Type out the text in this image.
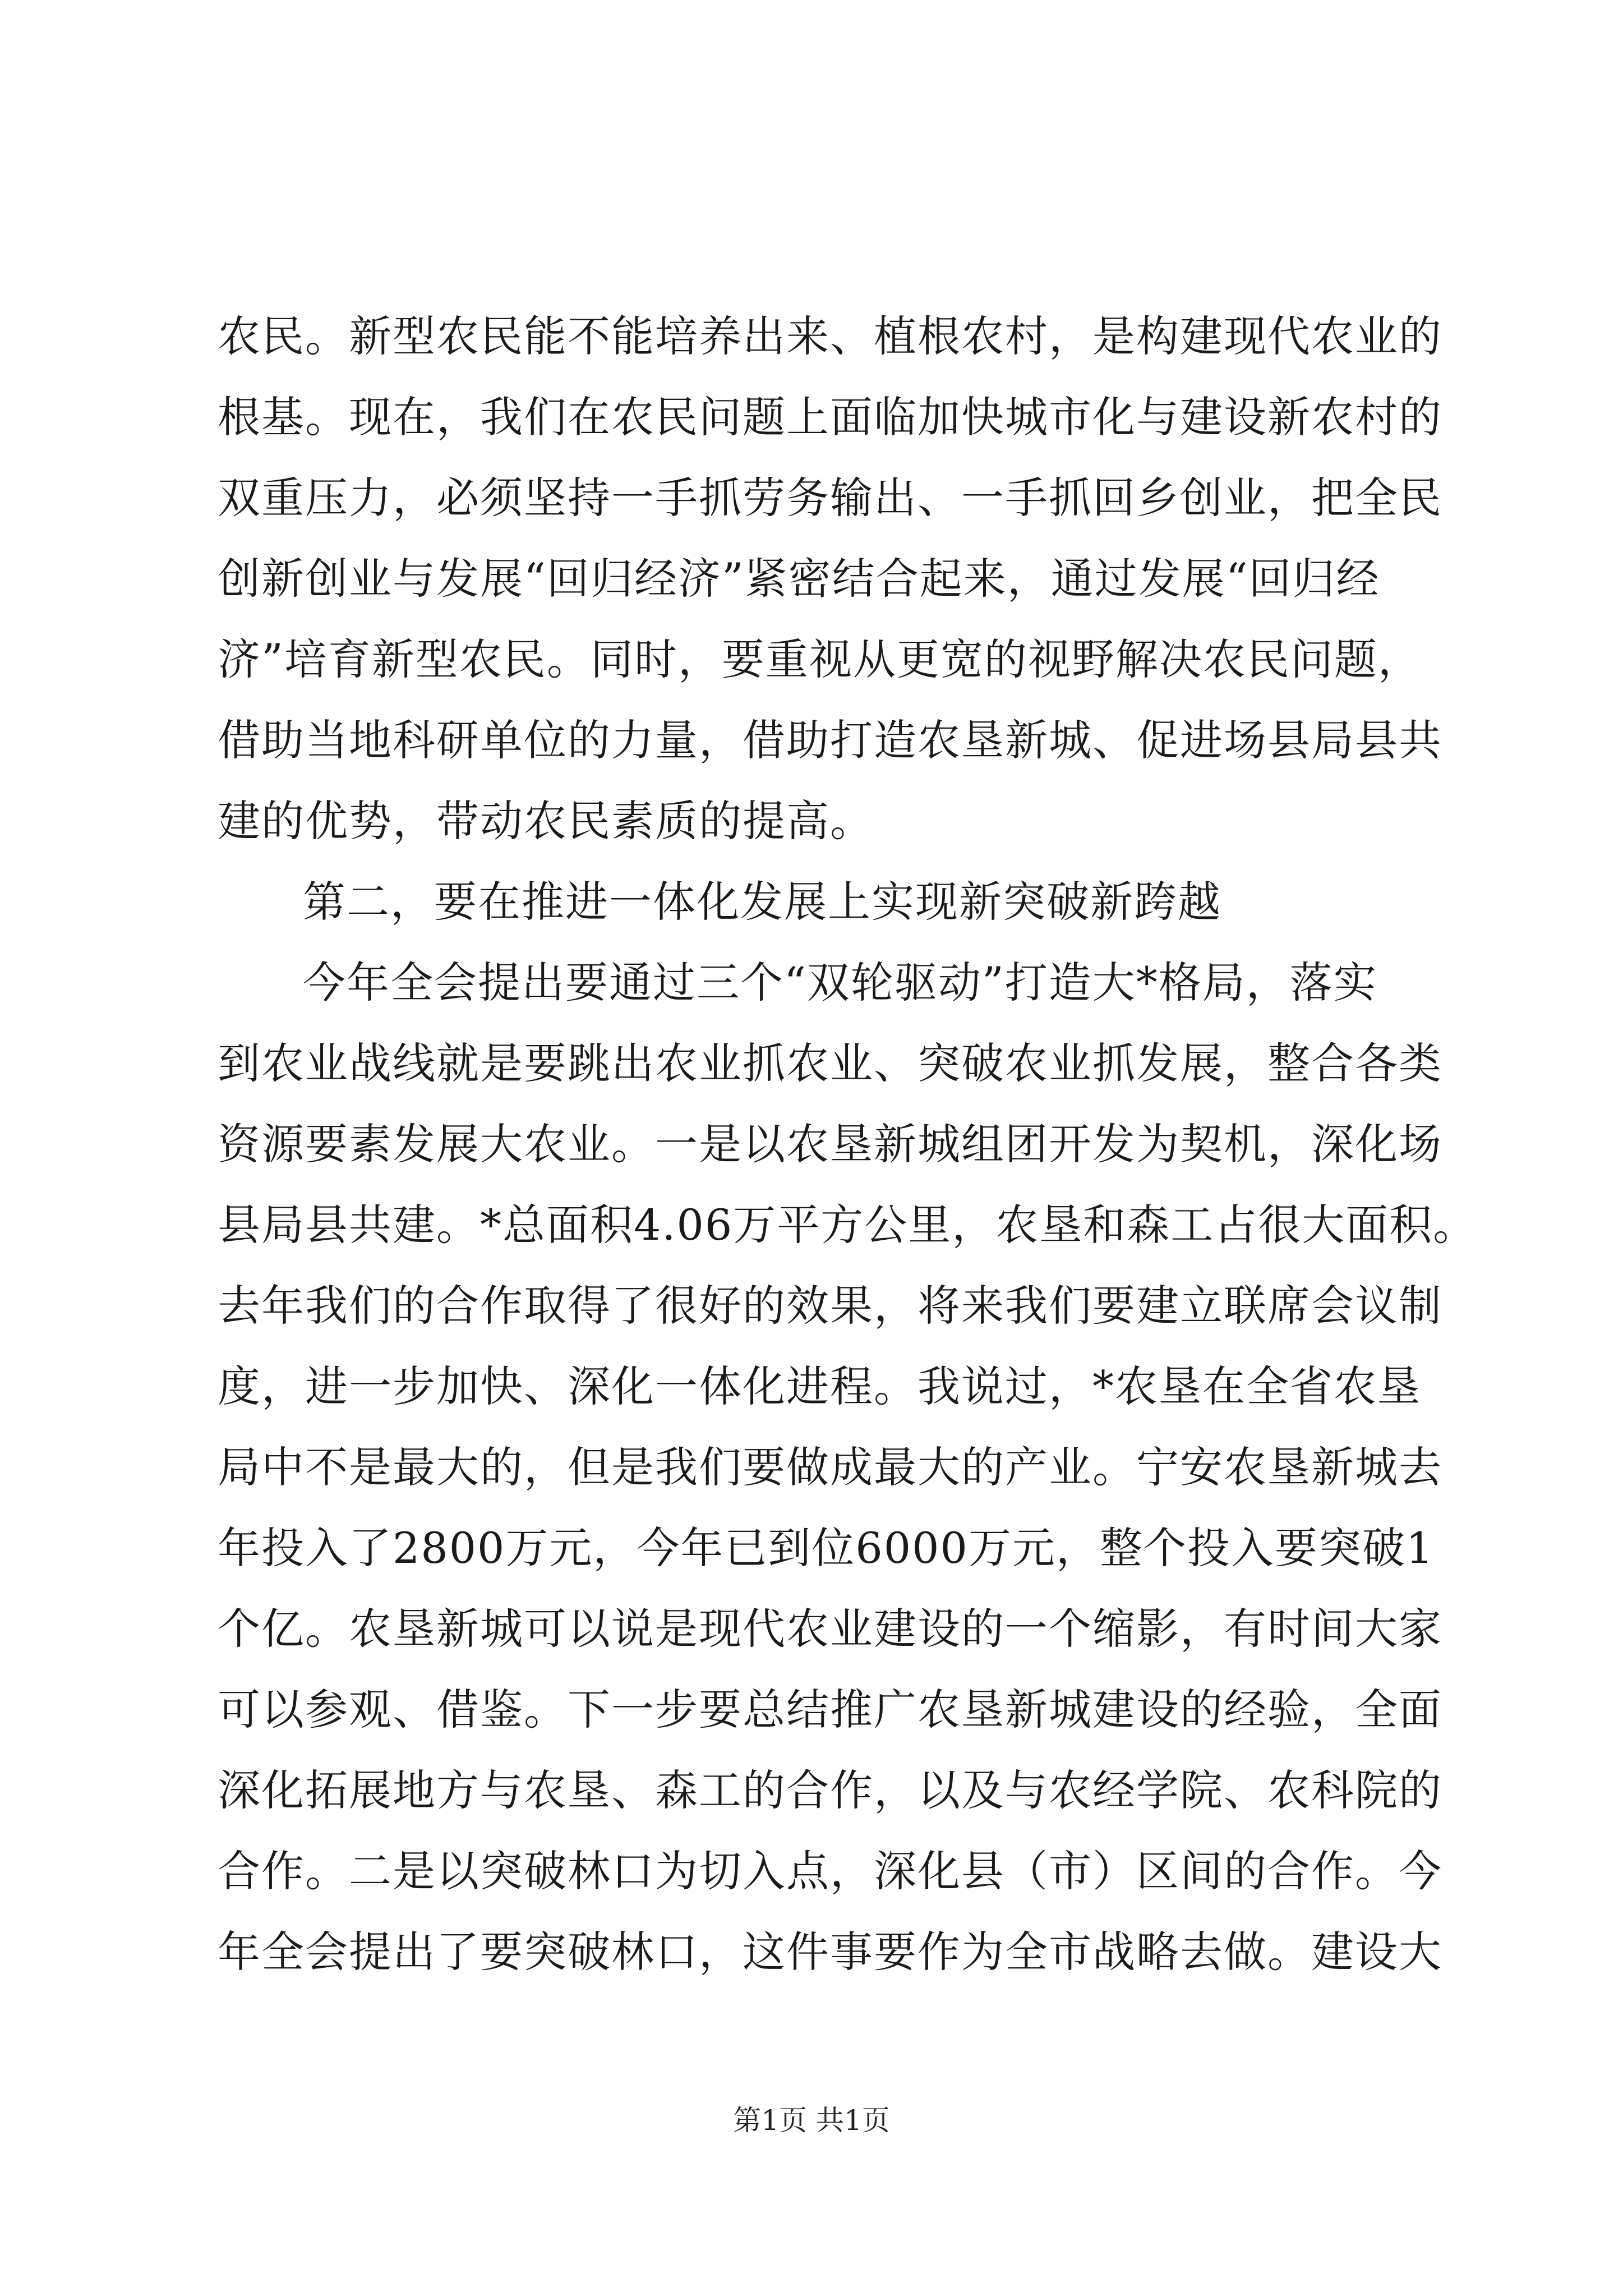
农民。新型农民能不能培养出来、植根农村，是构建现代农业的
根基。现在，我们在农民问题上面临加快城市化与建设新农村的
双重压力，必须坚持一手抓劳务输出、一手抓回乡创业，把全民
创新创业与发展“回归经济”紧密结合起来，通过发展“回归经
济”培育新型农民。同时，要重视从更宽的视野解决农民问题，
借助当地科研单位的力量，借助打造农垦新城、促进场县局县共
建的优势，带动农民素质的提高。
第二，要在推进一体化发展上实现新突破新跨越
今年全会提出要通过三个“双轮驱动”打造大*格局，落实
到农业战线就是要跳出农业抓农业、突破农业抓发展，整合各类
资源要素发展大农业。一是以农垦新城组团开发为契机，深化场
县局县共建。*总面积4.06万平方公里，农垦和森工占很大面积。
去年我们的合作取得了很好的效果，将来我们要建立联席会议制
度，进一步加快、深化一体化进程。我说过，*农垦在全省农垦
局中不是最大的，但是我们要做成最大的产业。宁安农垦新城去
年投入了2800万元，今年已到位6000万元，整个投入要突破1
个亿。农垦新城可以说是现代农业建设的一个缩影，有时间大家
可以参观、借鉴。下一步要总结推广农垦新城建设的经验，全面
深化拓展地方与农垦、森工的合作，以及与农经学院、农科院的
合作。二是以突破林口为切入点，深化县（市）区间的合作。今
年全会提出了要突破林口，这件事要作为全市战略去做。建设大
第1页 共1页
